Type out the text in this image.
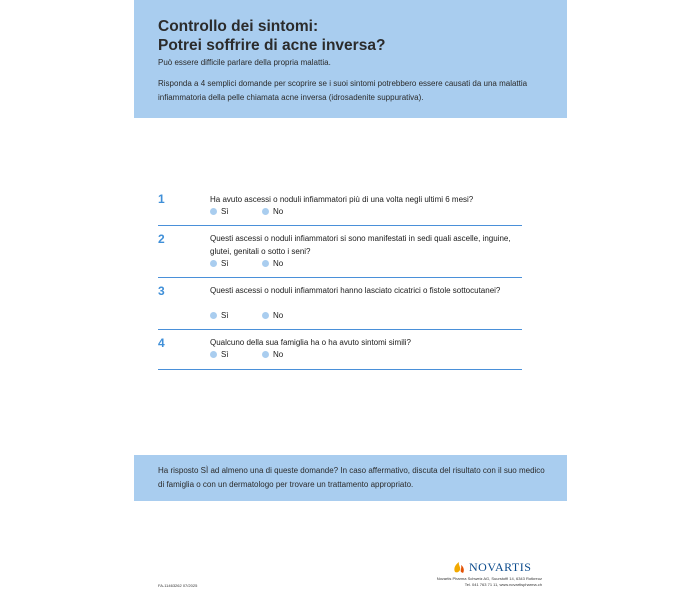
Controllo dei sintomi:
Potrei soffrire di acne inversa?
Può essere difficile parlare della propria malattia.
Risponda a 4 semplici domande per scoprire se i suoi sintomi potrebbero essere causati da una malattia infiammatoria della pelle chiamata acne inversa (idrosadenite suppurativa).
1	Ha avuto ascessi o noduli infiammatori più di una volta negli ultimi 6 mesi?
Sì	No
2	Questi ascessi o noduli infiammatori si sono manifestati in sedi quali ascelle, inguine, glutei, genitali o sotto i seni?
Sì	No
3	Questi ascessi o noduli infiammatori hanno lasciato cicatrici o fistole sottocutanei?
Sì	No
4	Qualcuno della sua famiglia ha o ha avuto sintomi simili?
Sì	No
Ha risposto SÌ ad almeno una di queste domande? In caso affermativo, discuta del risultato con il suo medico di famiglia o con un dermatologo per trovare un trattamento appropriato.
FA-11463262 07/2025
NOVARTIS
Novartis Pharma Schweiz AG, Suurstoffi 14, 6343 Rotkreuz
Tel. 041 763 71 11, www.novartispharma.ch
